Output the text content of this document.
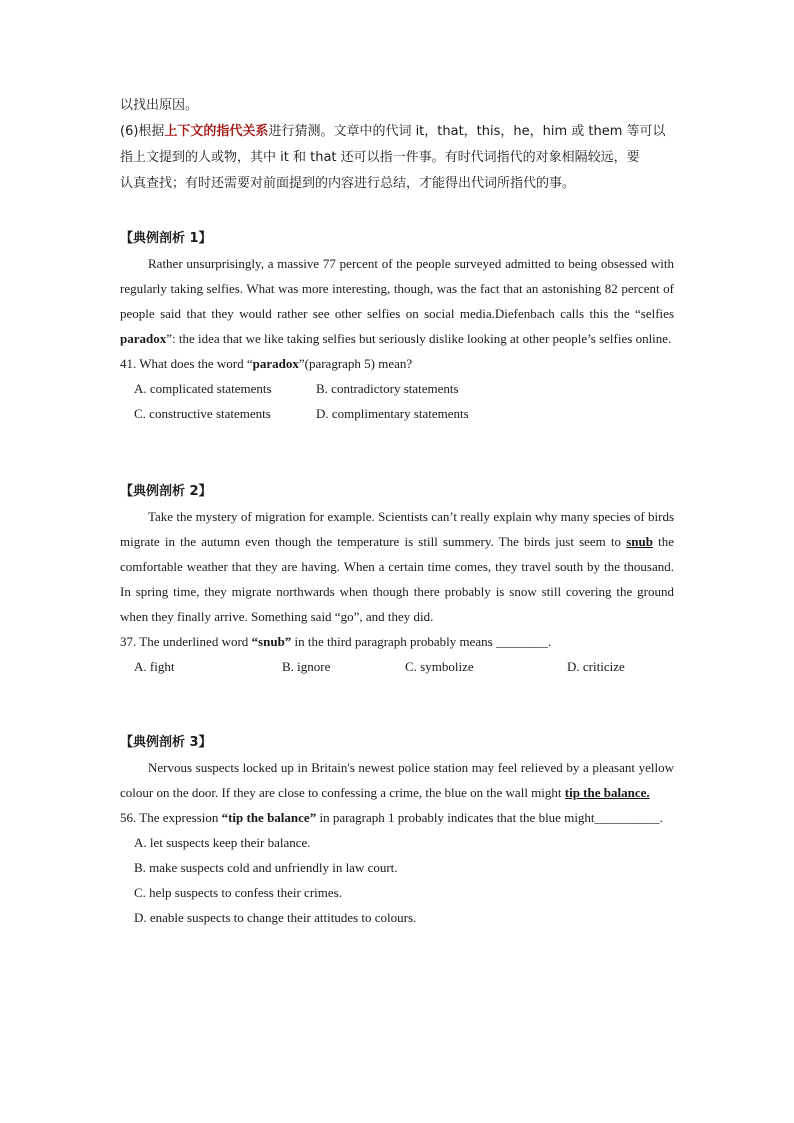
以找出原因。

(6)根据上下文的指代关系进行猜测。文章中的代词 it，that，this，he，him 或 them 等可以

指上文提到的人或物，其中 it 和 that 还可以指一件事。有时代词指代的对象相隔较远，要

认真查找；有时还需要对前面提到的内容进行总结，才能得出代词所指代的事。

【典例剖析 1】

Rather unsurprisingly, a massive 77 percent of the people surveyed admitted to being obsessed with regularly taking selfies. What was more interesting, though, was the fact that an astonishing 82 percent of people said that they would rather see other selfies on social media.Diefenbach calls this the “selfies paradox”: the idea that we like taking selfies but seriously dislike looking at other people’s selfies online.

41. What does the word “paradox”(paragraph 5) mean?

A. complicated statements	B. contradictory statements

C. constructive statements	D. complimentary statements

【典例剖析 2】

Take the mystery of migration for example. Scientists can’t really explain why many species of birds migrate in the autumn even though the temperature is still summery. The birds just seem to snub the comfortable weather that they are having. When a certain time comes, they travel south by the thousand. In spring time, they migrate northwards when though there probably is snow still covering the ground when they finally arrive. Something said “go”, and they did.

37. The underlined word “snub” in the third paragraph probably means ________.

A. fight	B. ignore	C. symbolize	D. criticize

【典例剖析 3】

Nervous suspects locked up in Britain's newest police station may feel relieved by a pleasant yellow colour on the door. If they are close to confessing a crime, the blue on the wall might tip the balance.

56. The expression “tip the balance” in paragraph 1 probably indicates that the blue might__________.

A. let suspects keep their balance.

B. make suspects cold and unfriendly in law court.

C. help suspects to confess their crimes.

D. enable suspects to change their attitudes to colours.
